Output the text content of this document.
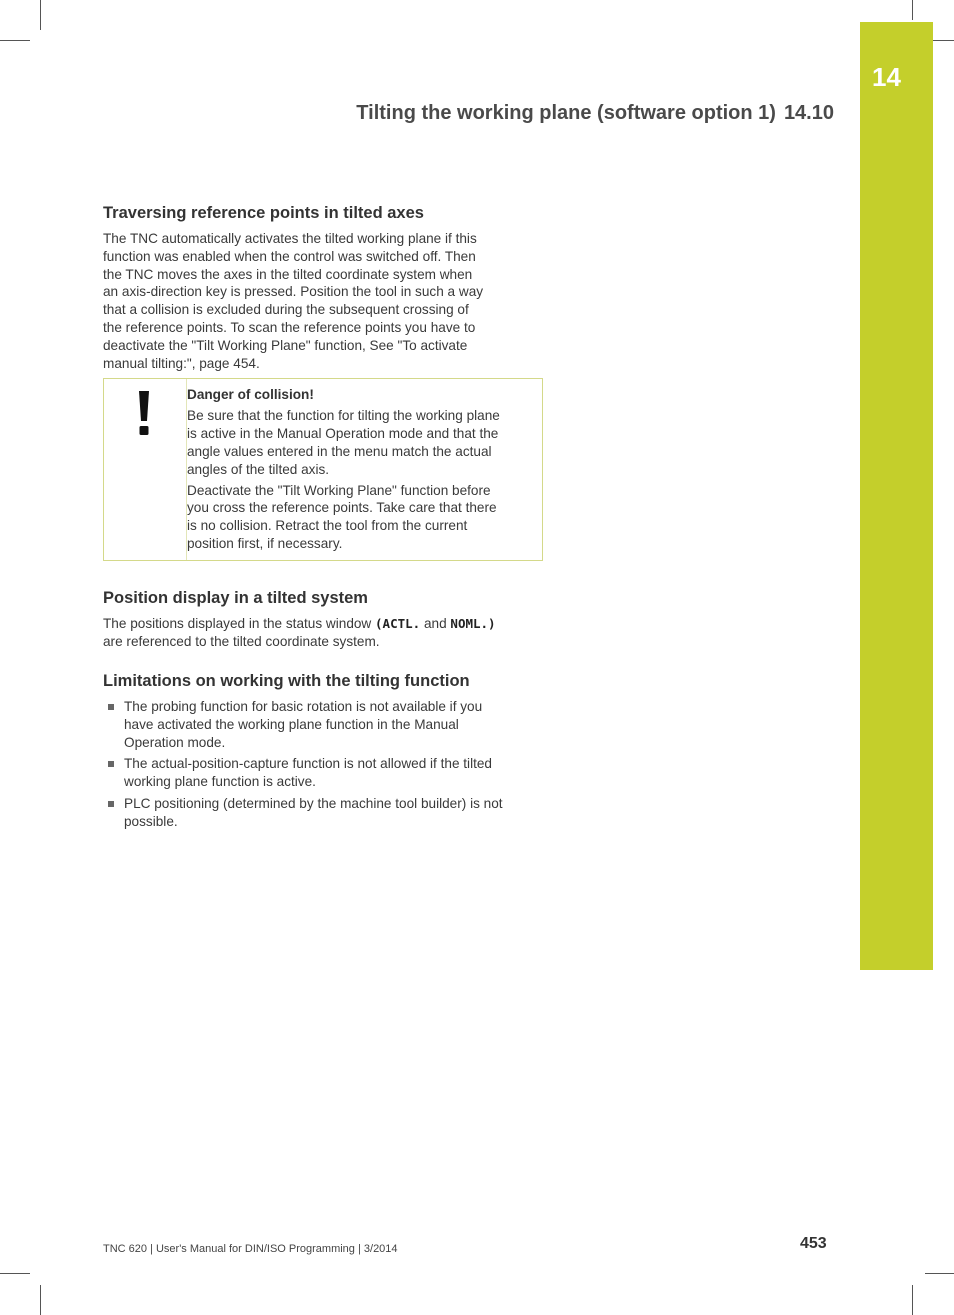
14
Tilting the working plane (software option 1) 14.10
Traversing reference points in tilted axes

The TNC automatically activates the tilted working plane if this
function was enabled when the control was switched off. Then
the TNC moves the axes in the tilted coordinate system when
an axis-direction key is pressed. Position the tool in such a way
that a collision is excluded during the subsequent crossing of
the reference points. To scan the reference points you have to
deactivate the "Tilt Working Plane" function, See "To activate
manual tilting:", page 454.

Danger of collision!

Be sure that the function for tilting the working plane
is active in the Manual Operation mode and that the
angle values entered in the menu match the actual
angles of the tilted axis.

Deactivate the "Tilt Working Plane" function before
you cross the reference points. Take care that there
is no collision. Retract the tool from the current
position first, if necessary.

Position display in a tilted system

The positions displayed in the status window (ACTL. and NOML.)
are referenced to the tilted coordinate system.

Limitations on working with the tilting function
The probing function for basic rotation is not available if you
have activated the working plane function in the Manual
Operation mode.
The actual-position-capture function is not allowed if the tilted
working plane function is active.
PLC positioning (determined by the machine tool builder) is not
possible.
TNC 620 | User's Manual for DIN/ISO Programming | 3/2014	453
